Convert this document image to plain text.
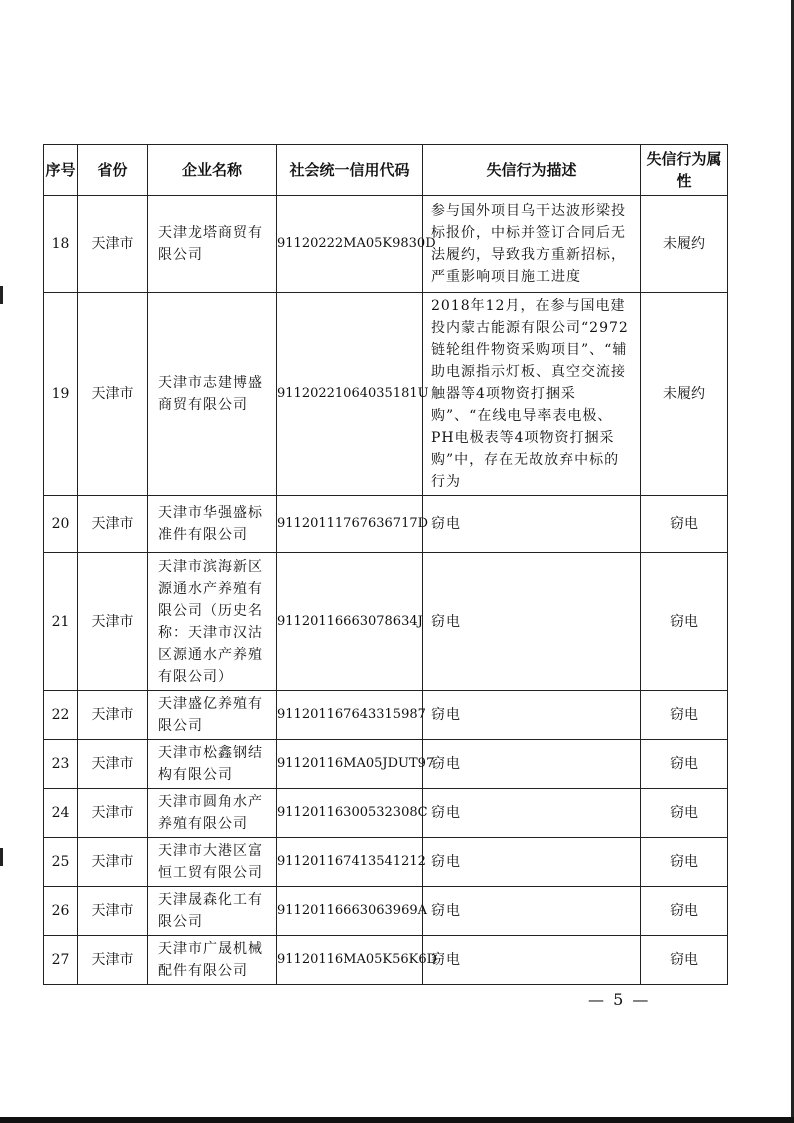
序号	省份	企业名称	社会统一信用代码	失信行为描述	失信行为属性
18	天津市	天津龙塔商贸有限公司	91120222MA05K9830D	参与国外项目乌干达波形梁投标报价，中标并签订合同后无法履约，导致我方重新招标，严重影响项目施工进度	未履约
19	天津市	天津市志建博盛商贸有限公司	91120221064035181U	2018年12月，在参与国电建投内蒙古能源有限公司“2972链轮组件物资采购项目”、“辅助电源指示灯板、真空交流接触器等4项物资打捆采购”、“在线电导率表电极、PH电极表等4项物资打捆采购”中，存在无故放弃中标的行为	未履约
20	天津市	天津市华强盛标准件有限公司	91120111767636717D	窃电	窃电
21	天津市	天津市滨海新区源通水产养殖有限公司（历史名称：天津市汉沽区源通水产养殖有限公司）	91120116663078634J	窃电	窃电
22	天津市	天津盛亿养殖有限公司	911201167643315987	窃电	窃电
23	天津市	天津市松鑫钢结构有限公司	91120116MA05JDUT97	窃电	窃电
24	天津市	天津市圆角水产养殖有限公司	91120116300532308C	窃电	窃电
25	天津市	天津市大港区富恒工贸有限公司	911201167413541212	窃电	窃电
26	天津市	天津晟森化工有限公司	91120116663063969A	窃电	窃电
27	天津市	天津市广晟机械配件有限公司	91120116MA05K56K6D	窃电	窃电
— 5 —
